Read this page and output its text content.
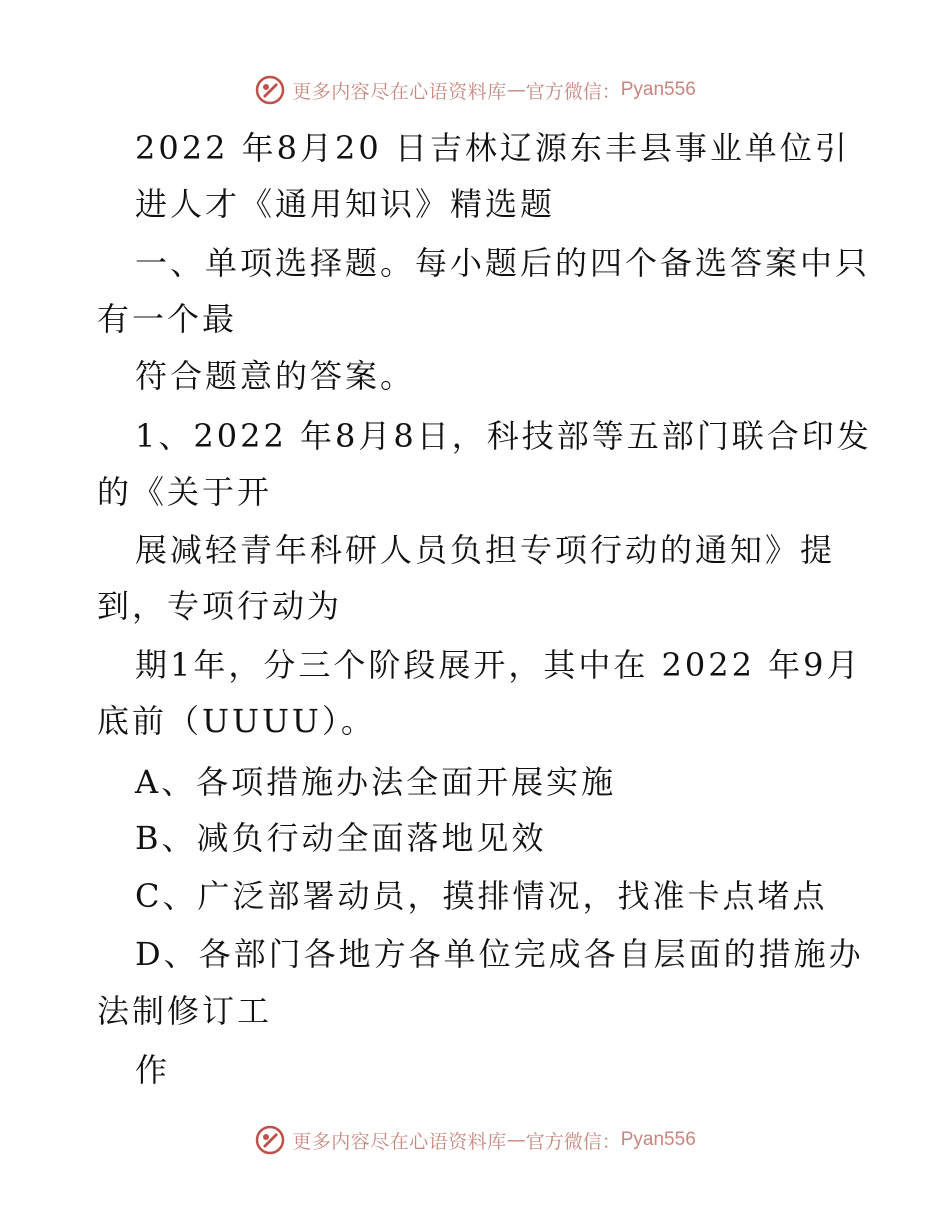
更多内容尽在心语资料库 — 官方微信： Pyan556
2022 年8月20 日吉林辽源东丰县事业单位引
进人才《通用知识》精选题
一、单项选择题。每小题后的四个备选答案中只
有一个最
符合题意的答案。
1、2022 年8月8日，科技部等五部门联合印发
的《关于开
展减轻青年科研人员负担专项行动的通知》提
到，专项行动为
期1年，分三个阶段展开，其中在 2022 年9月
底前（UUUU）。
A、各项措施办法全面开展实施
B、减负行动全面落地见效
C、广泛部署动员，摸排情况，找准卡点堵点
D、各部门各地方各单位完成各自层面的措施办
法制修订工
作
更多内容尽在心语资料库 — 官方微信： Pyan556
